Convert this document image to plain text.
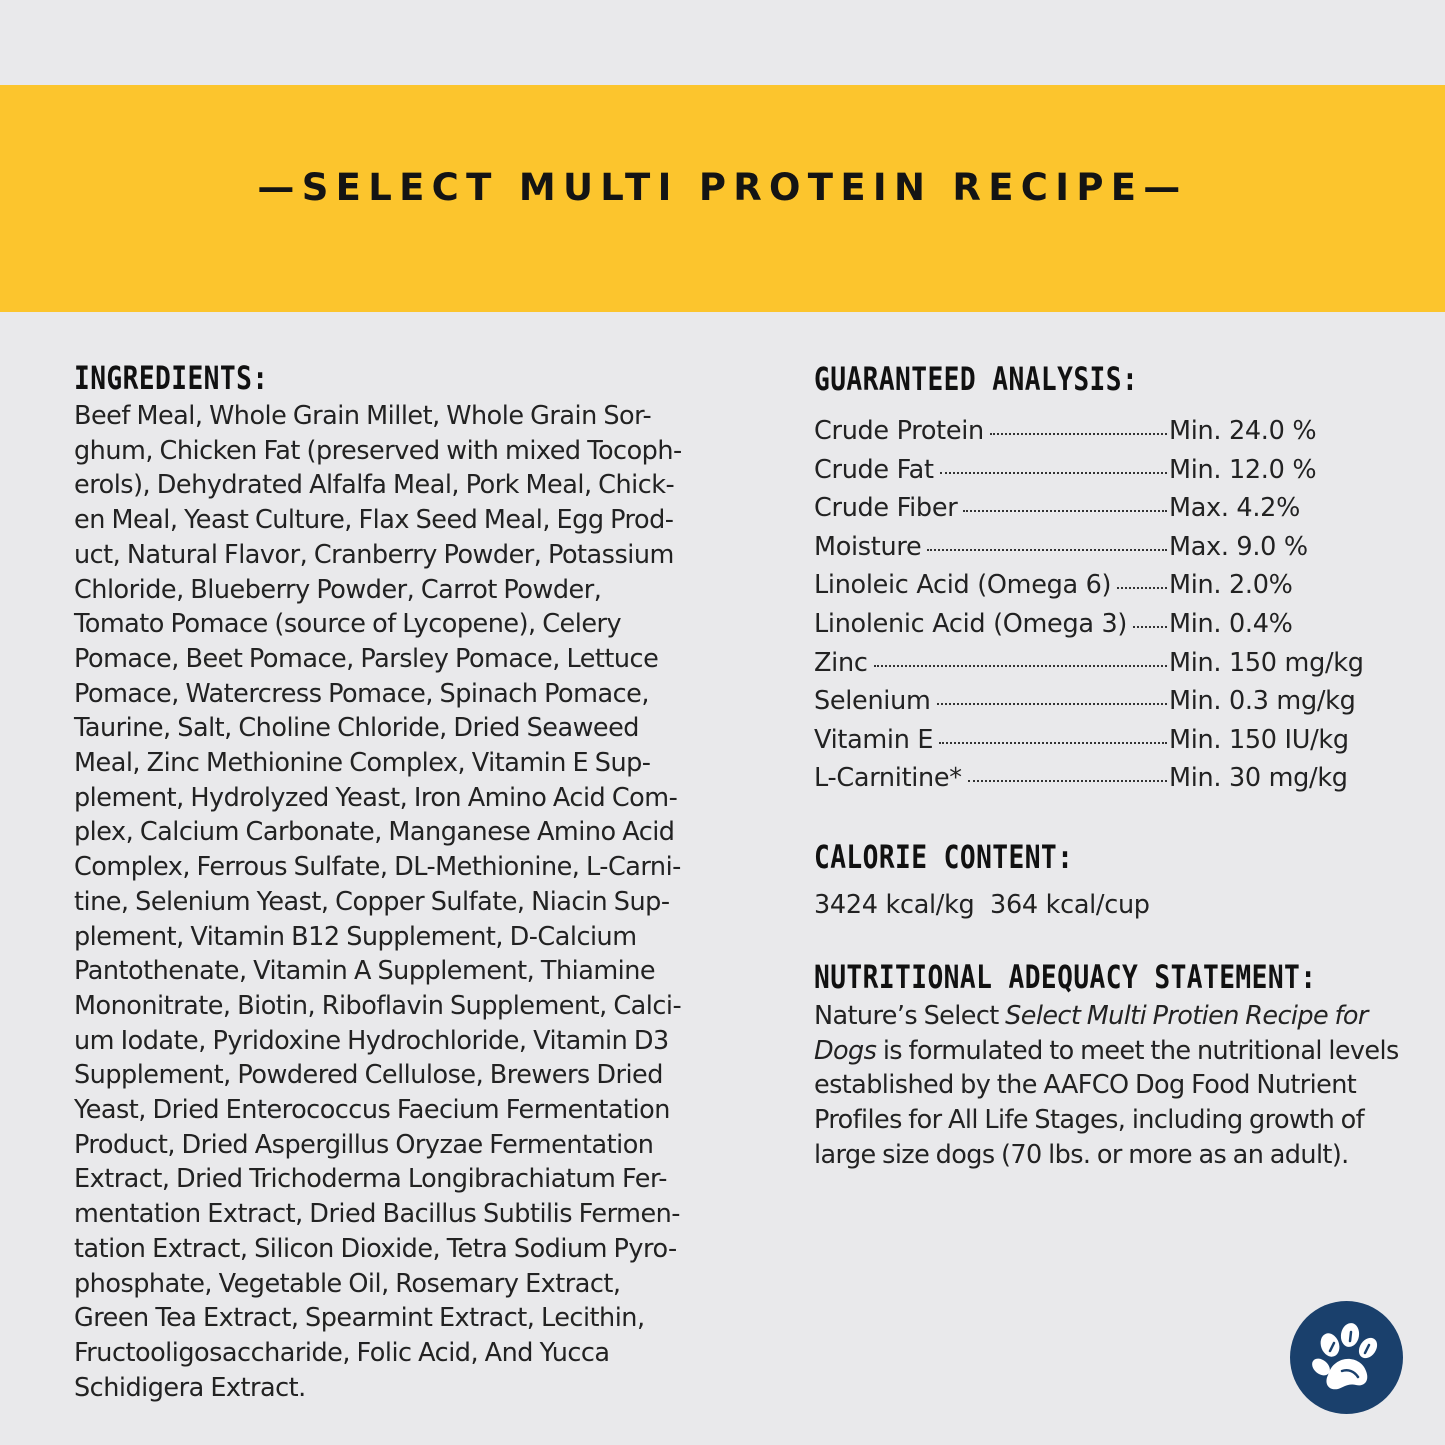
—SELECT MULTI PROTEIN RECIPE—
INGREDIENTS:
Beef Meal, Whole Grain Millet, Whole Grain Sor-
ghum, Chicken Fat (preserved with mixed Tocoph-
erols), Dehydrated Alfalfa Meal, Pork Meal, Chick-
en Meal, Yeast Culture, Flax Seed Meal, Egg Prod-
uct, Natural Flavor, Cranberry Powder, Potassium
Chloride, Blueberry Powder, Carrot Powder,
Tomato Pomace (source of Lycopene), Celery
Pomace, Beet Pomace, Parsley Pomace, Lettuce
Pomace, Watercress Pomace, Spinach Pomace,
Taurine, Salt, Choline Chloride, Dried Seaweed
Meal, Zinc Methionine Complex, Vitamin E Sup-
plement, Hydrolyzed Yeast, Iron Amino Acid Com-
plex, Calcium Carbonate, Manganese Amino Acid
Complex, Ferrous Sulfate, DL-Methionine, L-Carni-
tine, Selenium Yeast, Copper Sulfate, Niacin Sup-
plement, Vitamin B12 Supplement, D-Calcium
Pantothenate, Vitamin A Supplement, Thiamine
Mononitrate, Biotin, Riboflavin Supplement, Calci-
um Iodate, Pyridoxine Hydrochloride, Vitamin D3
Supplement, Powdered Cellulose, Brewers Dried
Yeast, Dried Enterococcus Faecium Fermentation
Product, Dried Aspergillus Oryzae Fermentation
Extract, Dried Trichoderma Longibrachiatum Fer-
mentation Extract, Dried Bacillus Subtilis Fermen-
tation Extract, Silicon Dioxide, Tetra Sodium Pyro-
phosphate, Vegetable Oil, Rosemary Extract,
Green Tea Extract, Spearmint Extract, Lecithin,
Fructooligosaccharide, Folic Acid, And Yucca
Schidigera Extract.
GUARANTEED ANALYSIS:
Crude Protein	Min. 24.0 %
Crude Fat	Min. 12.0 %
Crude Fiber	Max. 4.2%
Moisture	Max. 9.0 %
Linoleic Acid (Omega 6) Min. 2.0%
Linolenic Acid (Omega 3) Min. 0.4%
Zinc	Min. 150 mg/kg
Selenium	Min. 0.3 mg/kg
Vitamin E	Min. 150 IU/kg
L-Carnitine*	Min. 30 mg/kg
CALORIE CONTENT:
3424 kcal/kg  364 kcal/cup
NUTRITIONAL ADEQUACY STATEMENT:
Nature’s Select Select Multi Protien Recipe for Dogs is formulated to meet the nutritional levels established by the AAFCO Dog Food Nutrient Profiles for All Life Stages, including growth of large size dogs (70 lbs. or more as an adult).
